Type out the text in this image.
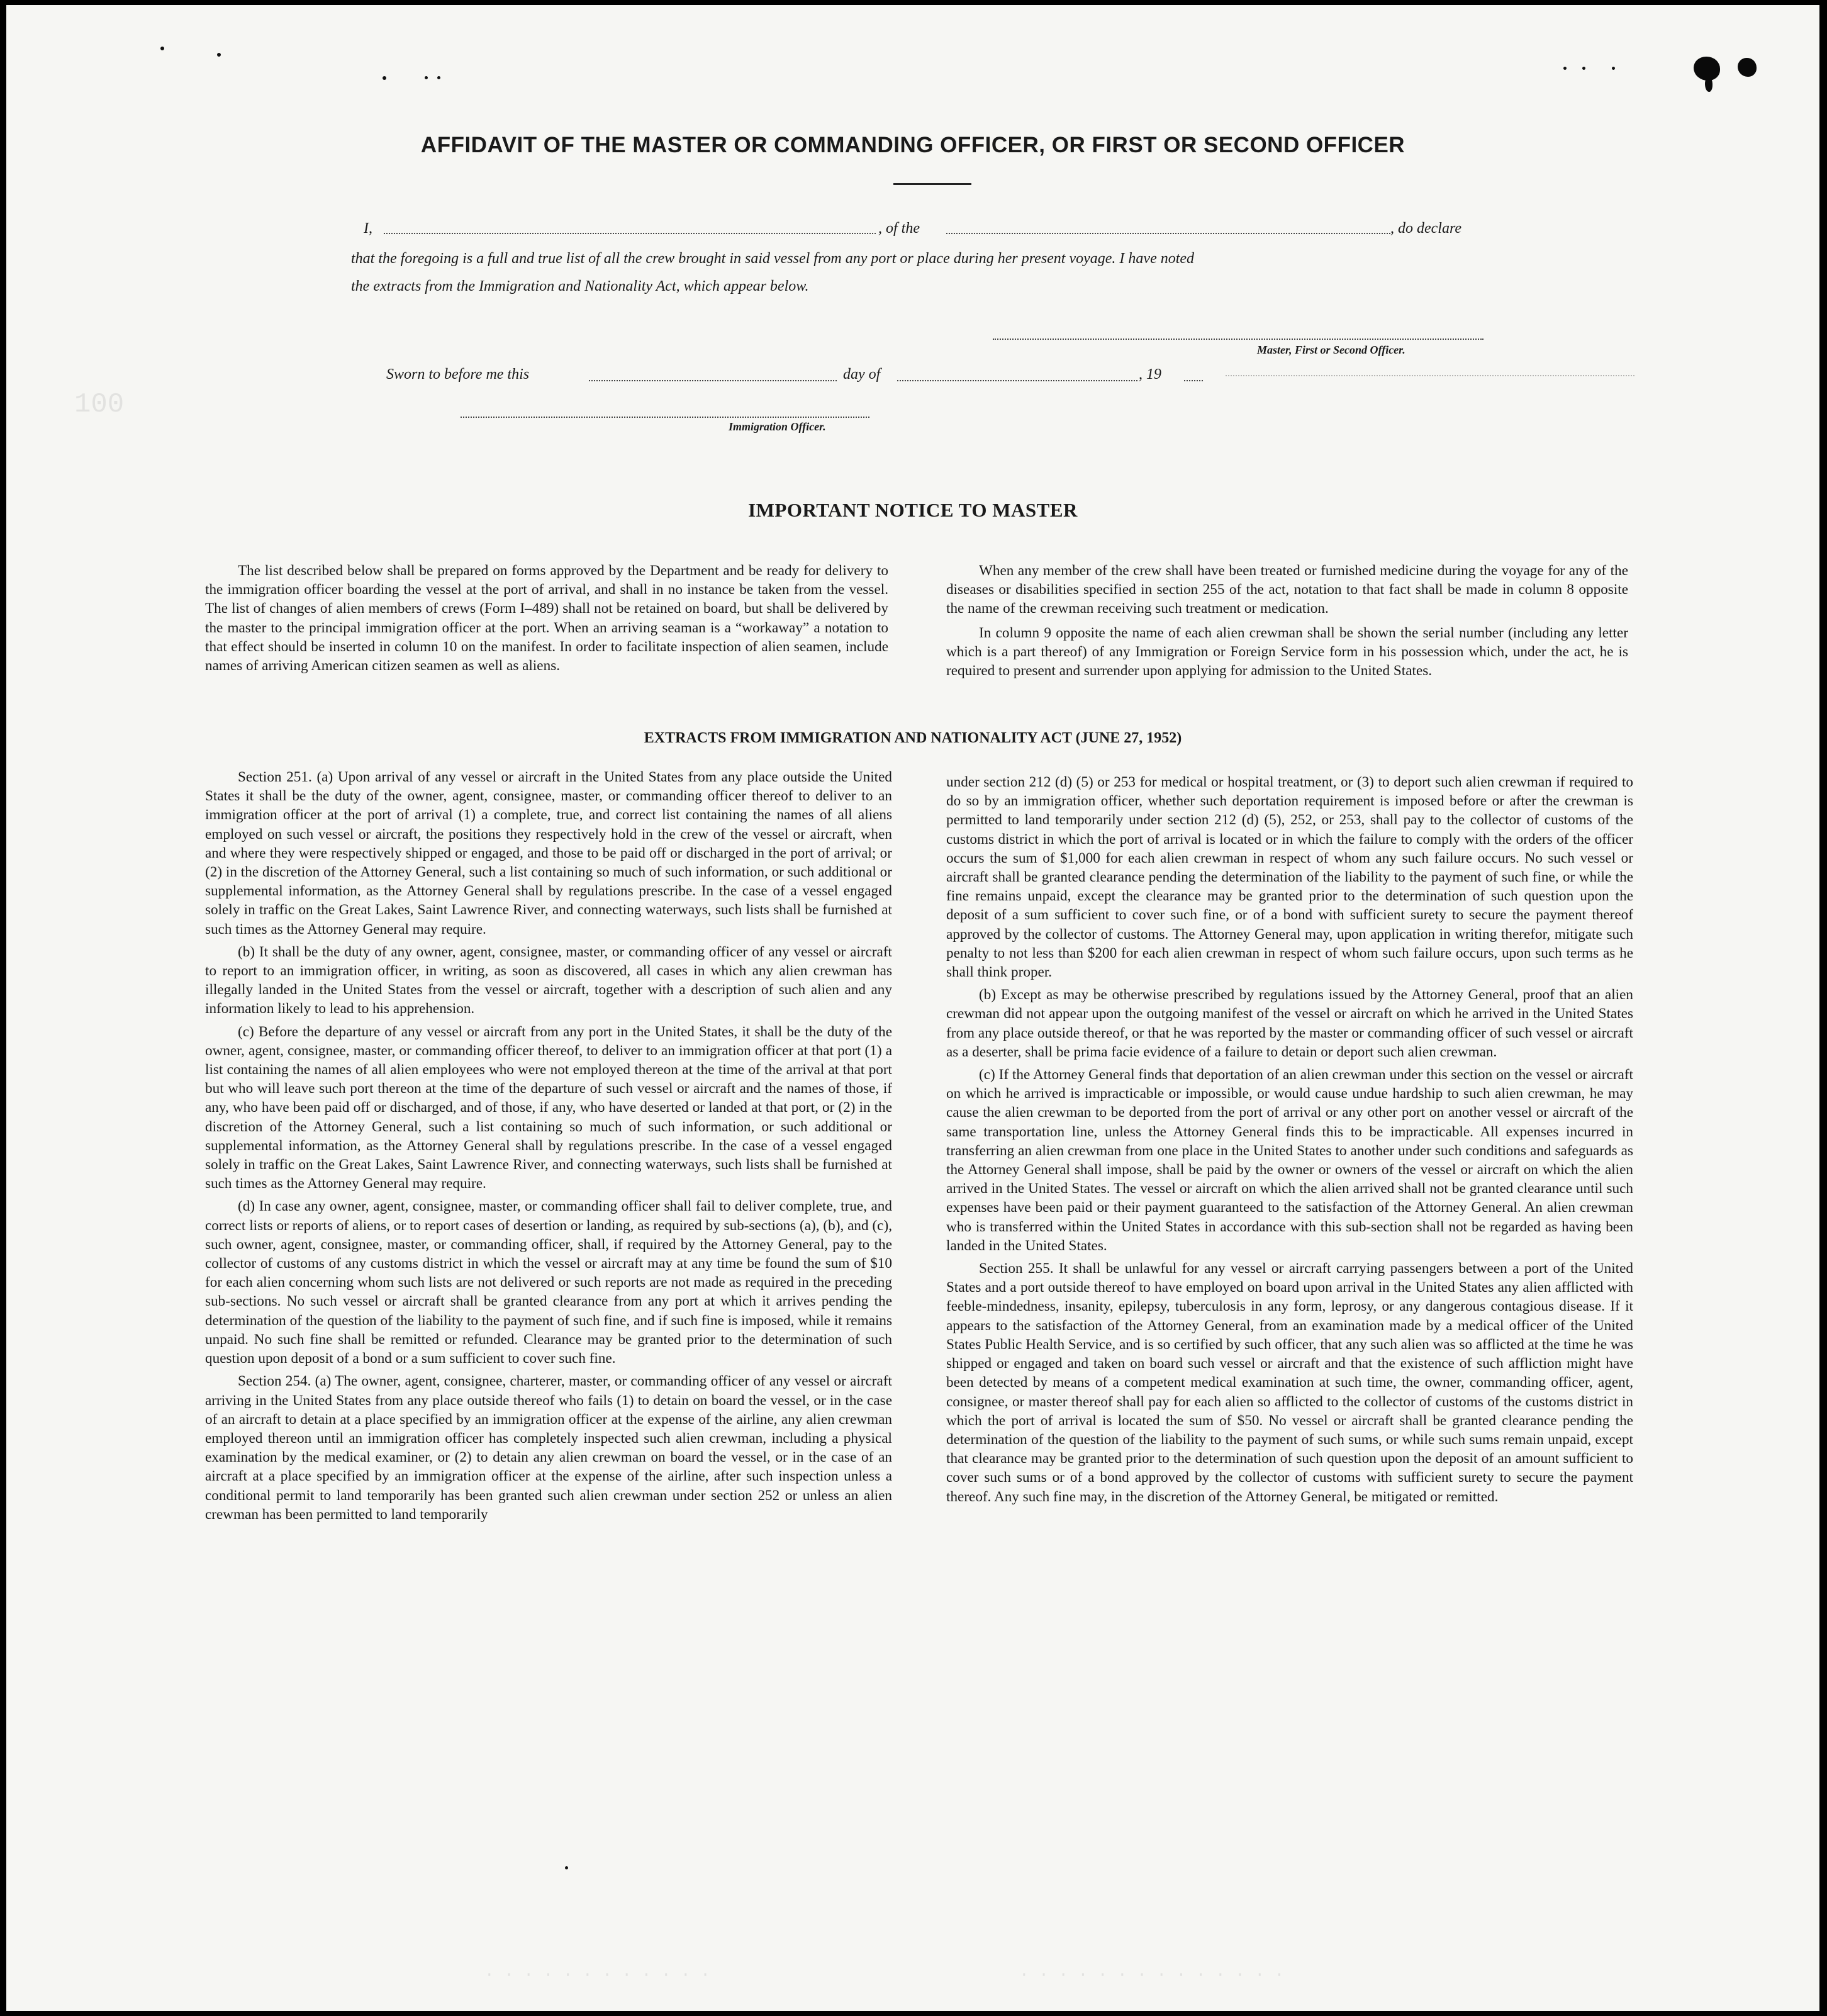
100
. . . . . . . . . . . .	. . . . . . . . . . . . . .
AFFIDAVIT OF THE MASTER OR COMMANDING OFFICER, OR FIRST OR SECOND OFFICER
I,	, of the	, do declare
that the foregoing is a full and true list of all the crew brought in said vessel from any port or place during her present voyage. I have noted
the extracts from the Immigration and Nationality Act, which appear below.
Master, First or Second Officer.
Sworn to before me this	day of	, 19
Immigration Officer.
IMPORTANT NOTICE TO MASTER

The list described below shall be prepared on forms approved by the Department and be ready for delivery to the immigration officer boarding the vessel at the port of arrival, and shall in no instance be taken from the vessel. The list of changes of alien members of crews (Form I–489) shall not be retained on board, but shall be delivered by the master to the principal immigration officer at the port. When an arriving seaman is a “workaway” a notation to that effect should be inserted in column 10 on the manifest. In order to facilitate inspection of alien seamen, include names of arriving American citizen seamen as well as aliens.

When any member of the crew shall have been treated or furnished medicine during the voyage for any of the diseases or disabilities specified in section 255 of the act, notation to that fact shall be made in column 8 opposite the name of the crewman receiving such treatment or medication.

In column 9 opposite the name of each alien crewman shall be shown the serial number (including any letter which is a part thereof) of any Immigration or Foreign Service form in his possession which, under the act, he is required to present and surrender upon applying for admission to the United States.

EXTRACTS FROM IMMIGRATION AND NATIONALITY ACT (JUNE 27, 1952)

Section 251. (a) Upon arrival of any vessel or aircraft in the United States from any place outside the United States it shall be the duty of the owner, agent, consignee, master, or commanding officer thereof to deliver to an immigration officer at the port of arrival (1) a complete, true, and correct list containing the names of all aliens employed on such vessel or aircraft, the positions they respectively hold in the crew of the vessel or aircraft, when and where they were respectively shipped or engaged, and those to be paid off or discharged in the port of arrival; or (2) in the discretion of the Attorney General, such a list containing so much of such information, or such additional or supplemental information, as the Attorney General shall by regulations prescribe. In the case of a vessel engaged solely in traffic on the Great Lakes, Saint Lawrence River, and connecting waterways, such lists shall be furnished at such times as the Attorney General may require.

(b) It shall be the duty of any owner, agent, consignee, master, or commanding officer of any vessel or aircraft to report to an immigration officer, in writing, as soon as discovered, all cases in which any alien crewman has illegally landed in the United States from the vessel or aircraft, together with a description of such alien and any information likely to lead to his apprehension.

(c) Before the departure of any vessel or aircraft from any port in the United States, it shall be the duty of the owner, agent, consignee, master, or commanding officer thereof, to deliver to an immigration officer at that port (1) a list containing the names of all alien employees who were not employed thereon at the time of the arrival at that port but who will leave such port thereon at the time of the departure of such vessel or aircraft and the names of those, if any, who have been paid off or discharged, and of those, if any, who have deserted or landed at that port, or (2) in the discretion of the Attorney General, such a list containing so much of such information, or such additional or supplemental information, as the Attorney General shall by regulations prescribe. In the case of a vessel engaged solely in traffic on the Great Lakes, Saint Lawrence River, and connecting waterways, such lists shall be furnished at such times as the Attorney General may require.

(d) In case any owner, agent, consignee, master, or commanding officer shall fail to deliver complete, true, and correct lists or reports of aliens, or to report cases of desertion or landing, as required by sub-sections (a), (b), and (c), such owner, agent, consignee, master, or commanding officer, shall, if required by the Attorney General, pay to the collector of customs of any customs district in which the vessel or aircraft may at any time be found the sum of $10 for each alien concerning whom such lists are not delivered or such reports are not made as required in the preceding sub-sections. No such vessel or aircraft shall be granted clearance from any port at which it arrives pending the determination of the question of the liability to the payment of such fine, and if such fine is imposed, while it remains unpaid. No such fine shall be remitted or refunded. Clearance may be granted prior to the determination of such question upon deposit of a bond or a sum sufficient to cover such fine.

Section 254. (a) The owner, agent, consignee, charterer, master, or commanding officer of any vessel or aircraft arriving in the United States from any place outside thereof who fails (1) to detain on board the vessel, or in the case of an aircraft to detain at a place specified by an immigration officer at the expense of the airline, any alien crewman employed thereon until an immigration officer has completely inspected such alien crewman, including a physical examination by the medical examiner, or (2) to detain any alien crewman on board the vessel, or in the case of an aircraft at a place specified by an immigration officer at the expense of the airline, after such inspection unless a conditional permit to land temporarily has been granted such alien crewman under section 252 or unless an alien crewman has been permitted to land temporarily

under section 212 (d) (5) or 253 for medical or hospital treatment, or (3) to deport such alien crewman if required to do so by an immigration officer, whether such deportation requirement is imposed before or after the crewman is permitted to land temporarily under section 212 (d) (5), 252, or 253, shall pay to the collector of customs of the customs district in which the port of arrival is located or in which the failure to comply with the orders of the officer occurs the sum of $1,000 for each alien crewman in respect of whom any such failure occurs. No such vessel or aircraft shall be granted clearance pending the determination of the liability to the payment of such fine, or while the fine remains unpaid, except the clearance may be granted prior to the determination of such question upon the deposit of a sum sufficient to cover such fine, or of a bond with sufficient surety to secure the payment thereof approved by the collector of customs. The Attorney General may, upon application in writing therefor, mitigate such penalty to not less than $200 for each alien crewman in respect of whom such failure occurs, upon such terms as he shall think proper.

(b) Except as may be otherwise prescribed by regulations issued by the Attorney General, proof that an alien crewman did not appear upon the outgoing manifest of the vessel or aircraft on which he arrived in the United States from any place outside thereof, or that he was reported by the master or commanding officer of such vessel or aircraft as a deserter, shall be prima facie evidence of a failure to detain or deport such alien crewman.

(c) If the Attorney General finds that deportation of an alien crewman under this section on the vessel or aircraft on which he arrived is impracticable or impossible, or would cause undue hardship to such alien crewman, he may cause the alien crewman to be deported from the port of arrival or any other port on another vessel or aircraft of the same transportation line, unless the Attorney General finds this to be impracticable. All expenses incurred in transferring an alien crewman from one place in the United States to another under such conditions and safeguards as the Attorney General shall impose, shall be paid by the owner or owners of the vessel or aircraft on which the alien arrived in the United States. The vessel or aircraft on which the alien arrived shall not be granted clearance until such expenses have been paid or their payment guaranteed to the satisfaction of the Attorney General. An alien crewman who is transferred within the United States in accordance with this sub-section shall not be regarded as having been landed in the United States.

Section 255. It shall be unlawful for any vessel or aircraft carrying passengers between a port of the United States and a port outside thereof to have employed on board upon arrival in the United States any alien afflicted with feeble-mindedness, insanity, epilepsy, tuberculosis in any form, leprosy, or any dangerous contagious disease. If it appears to the satisfaction of the Attorney General, from an examination made by a medical officer of the United States Public Health Service, and is so certified by such officer, that any such alien was so afflicted at the time he was shipped or engaged and taken on board such vessel or aircraft and that the existence of such affliction might have been detected by means of a competent medical examination at such time, the owner, commanding officer, agent, consignee, or master thereof shall pay for each alien so afflicted to the collector of customs of the customs district in which the port of arrival is located the sum of $50. No vessel or aircraft shall be granted clearance pending the determination of the question of the liability to the payment of such sums, or while such sums remain unpaid, except that clearance may be granted prior to the determination of such question upon the deposit of an amount sufficient to cover such sums or of a bond approved by the collector of customs with sufficient surety to secure the payment thereof. Any such fine may, in the discretion of the Attorney General, be mitigated or remitted.
